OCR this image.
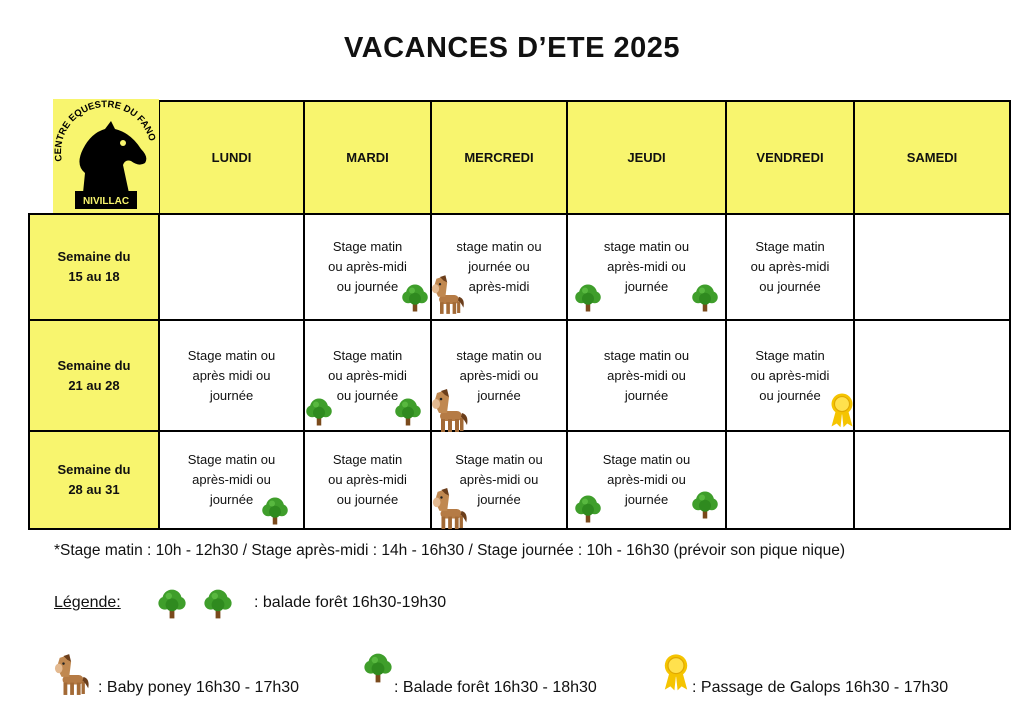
VACANCES D’ETE 2025
CENTRE EQUESTRE DU FANO
NIVILLAC	LUNDI	MARDI	MERCREDI	JEUDI	VENDREDI	SAMEDI

Semaine du
15 au 18		Stage matin
ou après-midi
ou journée	stage matin ou
journée ou
après-midi	stage matin ou
après-midi ou
journée	Stage matin
ou après-midi
ou journée	

Semaine du
21 au 28	Stage matin ou
après midi ou
journée	Stage matin
ou après-midi
ou journée	stage matin ou
après-midi ou
journée	stage matin ou
après-midi ou
journée	Stage matin
ou après-midi
ou journée	

Semaine du
28 au 31	Stage matin ou
après-midi ou
journée	Stage matin
ou après-midi
ou journée	Stage matin ou
après-midi ou
journée	Stage matin ou
après-midi ou
journée		

*Stage matin : 10h - 12h30 / Stage après-midi : 14h - 16h30 / Stage journée : 10h - 16h30 (prévoir son pique nique)
Légende:	: balade forêt 16h30-19h30
: Baby poney 16h30 - 17h30	: Balade forêt 16h30 - 18h30	: Passage de Galops 16h30 - 17h30
